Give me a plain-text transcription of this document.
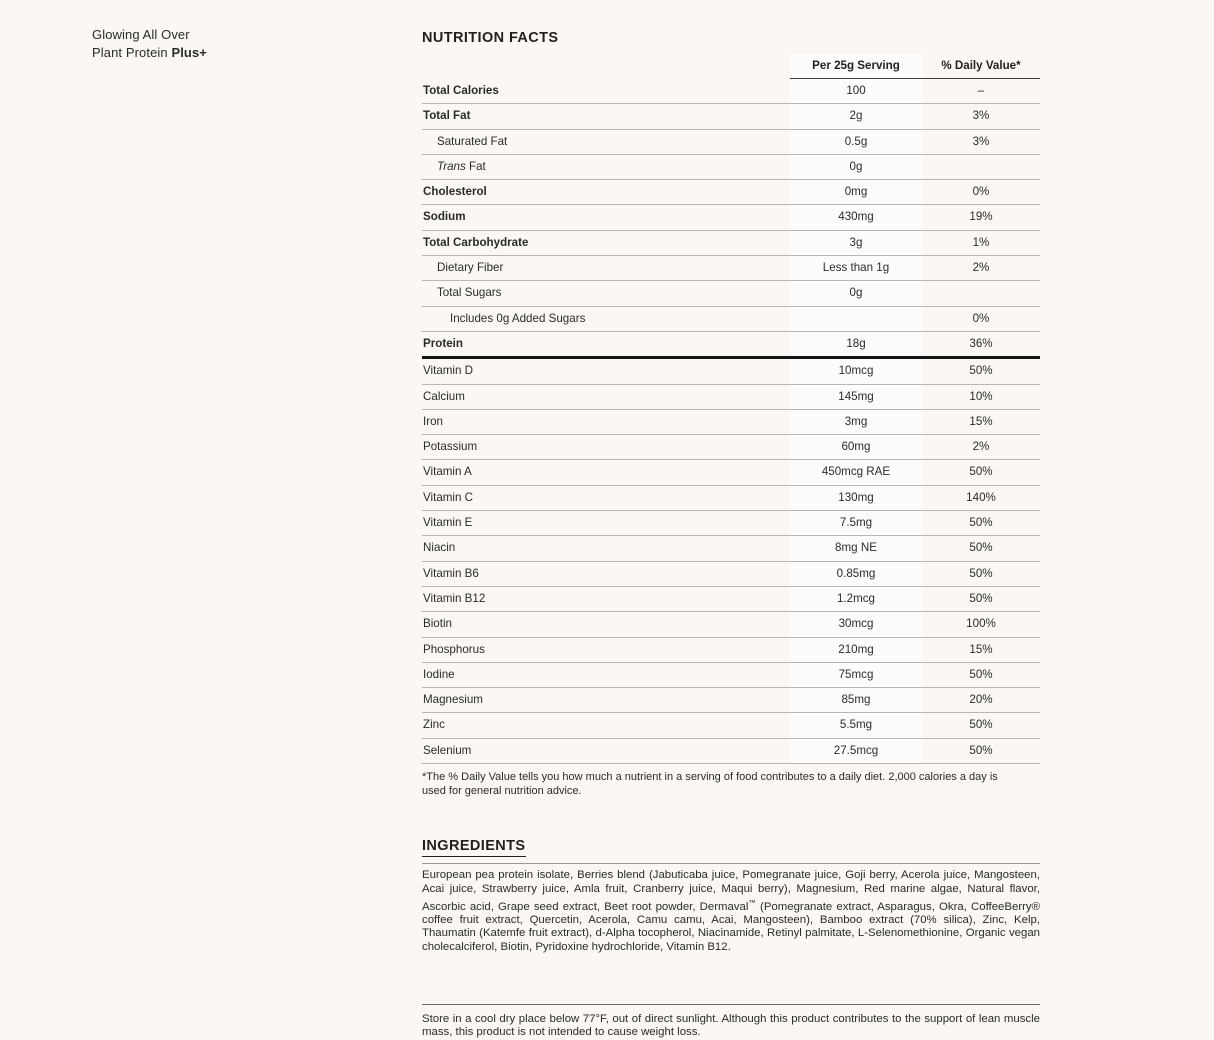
Glowing All Over
Plant Protein Plus+
NUTRITION FACTS
	Per 25g Serving	% Daily Value*
Total Calories	100	–
Total Fat	2g	3%
Saturated Fat	0.5g	3%
Trans Fat	0g	
Cholesterol	0mg	0%
Sodium	430mg	19%
Total Carbohydrate	3g	1%
Dietary Fiber	Less than 1g	2%
Total Sugars	0g	
Includes 0g Added Sugars		0%
Protein	18g	36%
Vitamin D	10mcg	50%
Calcium	145mg	10%
Iron	3mg	15%
Potassium	60mg	2%
Vitamin A	450mcg RAE	50%
Vitamin C	130mg	140%
Vitamin E	7.5mg	50%
Niacin	8mg NE	50%
Vitamin B6	0.85mg	50%
Vitamin B12	1.2mcg	50%
Biotin	30mcg	100%
Phosphorus	210mg	15%
Iodine	75mcg	50%
Magnesium	85mg	20%
Zinc	5.5mg	50%
Selenium	27.5mcg	50%

*The % Daily Value tells you how much a nutrient in a serving of food contributes to a daily diet. 2,000 calories a day is used for general nutrition advice.

INGREDIENTS

European pea protein isolate, Berries blend (Jabuticaba juice, Pomegranate juice, Goji berry, Acerola juice, Mangosteen, Acai juice, Strawberry juice, Amla fruit, Cranberry juice, Maqui berry), Magnesium, Red marine algae, Natural flavor, Ascorbic acid, Grape seed extract, Beet root powder, Dermaval™ (Pomegranate extract, Asparagus, Okra, CoffeeBerry® coffee fruit extract, Quercetin, Acerola, Camu camu, Acai, Mangosteen), Bamboo extract (70% silica), Zinc, Kelp, Thaumatin (Katemfe fruit extract), d-Alpha tocopherol, Niacinamide, Retinyl palmitate, L-Selenomethionine, Organic vegan cholecalciferol, Biotin, Pyridoxine hydrochloride, Vitamin B12.

Store in a cool dry place below 77°F, out of direct sunlight. Although this product contributes to the support of lean muscle mass, this product is not intended to cause weight loss.
